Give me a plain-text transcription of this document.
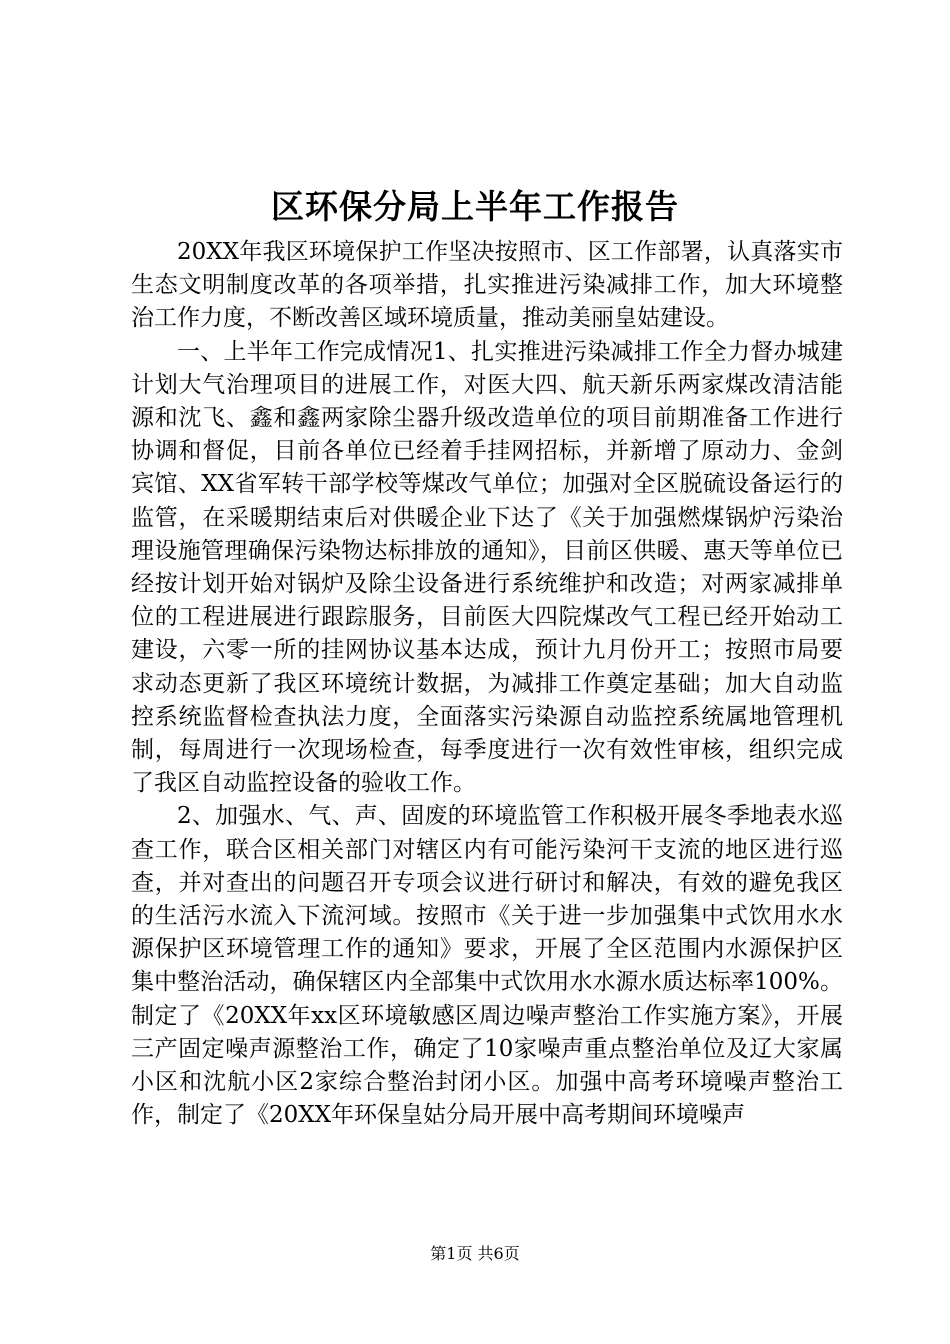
区环保分局上半年工作报告

20XX年我区环境保护工作坚决按照市、区工作部署，认真落实市生态文明制度改革的各项举措，扎实推进污染减排工作，加大环境整治工作力度，不断改善区域环境质量，推动美丽皇姑建设。

一、上半年工作完成情况1、扎实推进污染减排工作全力督办城建计划大气治理项目的进展工作，对医大四、航天新乐两家煤改清洁能源和沈飞、鑫和鑫两家除尘器升级改造单位的项目前期准备工作进行协调和督促，目前各单位已经着手挂网招标，并新增了原动力、金剑宾馆、XX省军转干部学校等煤改气单位；加强对全区脱硫设备运行的监管，在采暖期结束后对供暖企业下达了《关于加强燃煤锅炉污染治理设施管理确保污染物达标排放的通知》，目前区供暖、惠天等单位已经按计划开始对锅炉及除尘设备进行系统维护和改造；对两家减排单位的工程进展进行跟踪服务，目前医大四院煤改气工程已经开始动工建设，六零一所的挂网协议基本达成，预计九月份开工；按照市局要求动态更新了我区环境统计数据，为减排工作奠定基础；加大自动监控系统监督检查执法力度，全面落实污染源自动监控系统属地管理机制，每周进行一次现场检查，每季度进行一次有效性审核，组织完成了我区自动监控设备的验收工作。

2、加强水、气、声、固废的环境监管工作积极开展冬季地表水巡查工作，联合区相关部门对辖区内有可能污染河干支流的地区进行巡查，并对查出的问题召开专项会议进行研讨和解决，有效的避免我区的生活污水流入下流河域。按照市《关于进一步加强集中式饮用水水源保护区环境管理工作的通知》要求，开展了全区范围内水源保护区集中整治活动，确保辖区内全部集中式饮用水水源水质达标率100%。制定了《20XX年xx区环境敏感区周边噪声整治工作实施方案》，开展三产固定噪声源整治工作，确定了10家噪声重点整治单位及辽大家属小区和沈航小区2家综合整治封闭小区。加强中高考环境噪声整治工作，制定了《20XX年环保皇姑分局开展中高考期间环境噪声

第1页 共6页
